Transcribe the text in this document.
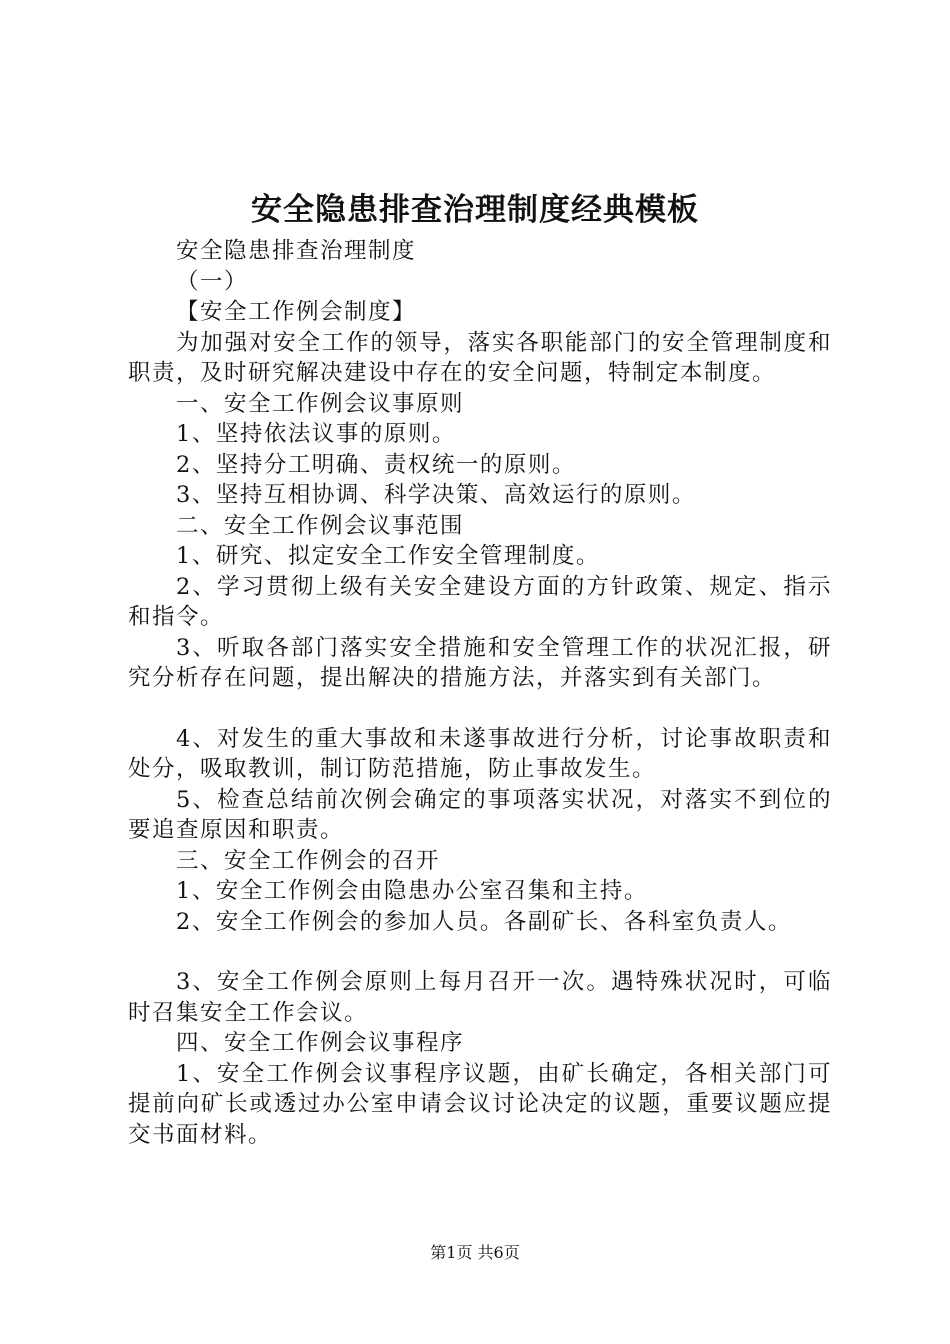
安全隐患排查治理制度经典模板

安全隐患排查治理制度

（一）

【安全工作例会制度】

为加强对安全工作的领导，落实各职能部门的安全管理制度和职责，及时研究解决建设中存在的安全问题，特制定本制度。

一、安全工作例会议事原则

1、坚持依法议事的原则。

2、坚持分工明确、责权统一的原则。

3、坚持互相协调、科学决策、高效运行的原则。

二、安全工作例会议事范围

1、研究、拟定安全工作安全管理制度。

2、学习贯彻上级有关安全建设方面的方针政策、规定、指示和指令。

3、听取各部门落实安全措施和安全管理工作的状况汇报，研究分析存在问题，提出解决的措施方法，并落实到有关部门。

4、对发生的重大事故和未遂事故进行分析，讨论事故职责和处分，吸取教训，制订防范措施，防止事故发生。

5、检查总结前次例会确定的事项落实状况，对落实不到位的要追查原因和职责。

三、安全工作例会的召开

1、安全工作例会由隐患办公室召集和主持。

2、安全工作例会的参加人员。各副矿长、各科室负责人。

3、安全工作例会原则上每月召开一次。遇特殊状况时，可临时召集安全工作会议。

四、安全工作例会议事程序

1、安全工作例会议事程序议题，由矿长确定，各相关部门可提前向矿长或透过办公室申请会议讨论决定的议题，重要议题应提交书面材料。

第1页 共6页
